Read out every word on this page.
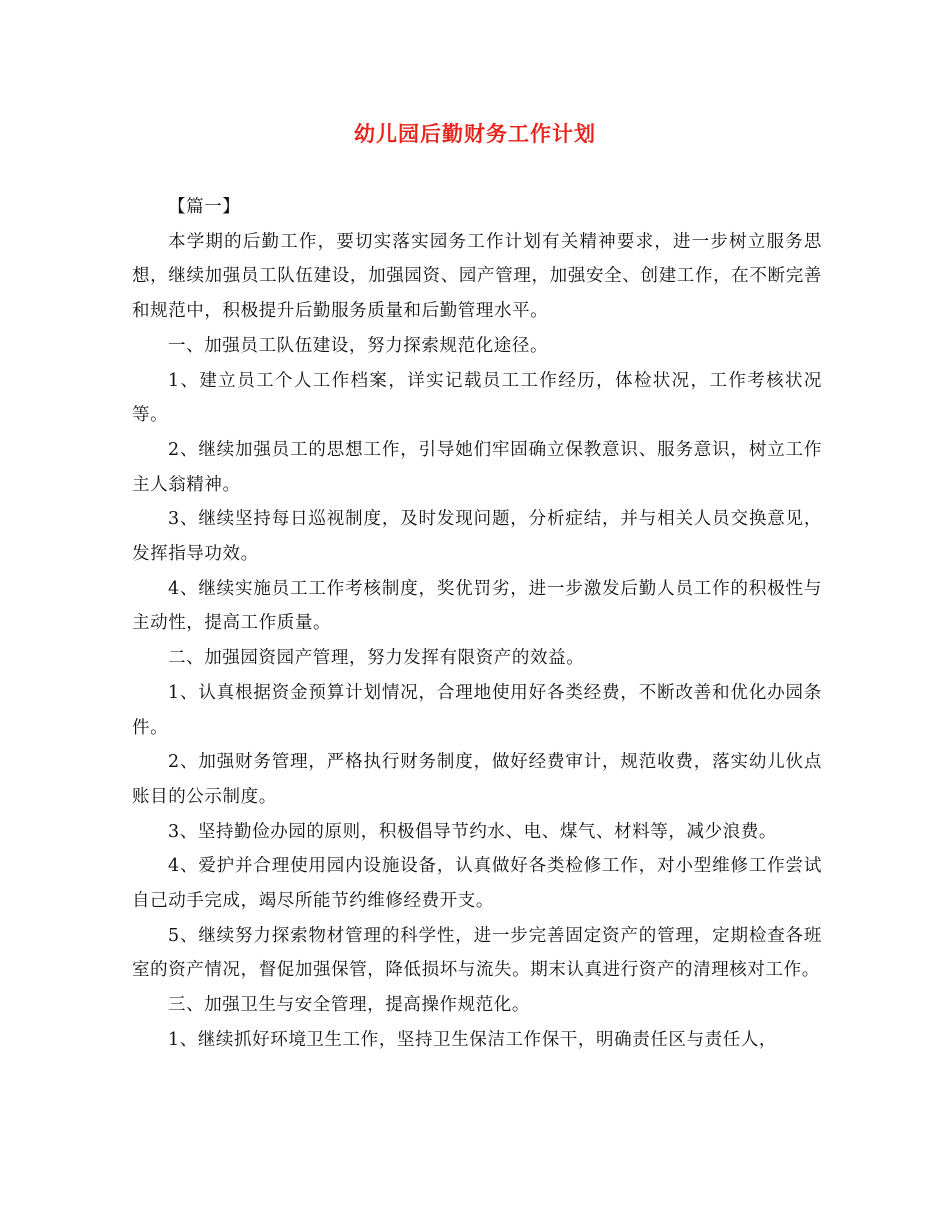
幼儿园后勤财务工作计划

【篇一】

本学期的后勤工作，要切实落实园务工作计划有关精神要求，进一步树立服务思想，继续加强员工队伍建设，加强园资、园产管理，加强安全、创建工作，在不断完善和规范中，积极提升后勤服务质量和后勤管理水平。

一、加强员工队伍建设，努力探索规范化途径。

1、建立员工个人工作档案，详实记载员工工作经历，体检状况，工作考核状况等。

2、继续加强员工的思想工作，引导她们牢固确立保教意识、服务意识，树立工作主人翁精神。

3、继续坚持每日巡视制度，及时发现问题，分析症结，并与相关人员交换意见，发挥指导功效。

4、继续实施员工工作考核制度，奖优罚劣，进一步激发后勤人员工作的积极性与主动性，提高工作质量。

二、加强园资园产管理，努力发挥有限资产的效益。

1、认真根据资金预算计划情况，合理地使用好各类经费，不断改善和优化办园条件。

2、加强财务管理，严格执行财务制度，做好经费审计，规范收费，落实幼儿伙点账目的公示制度。

3、坚持勤俭办园的原则，积极倡导节约水、电、煤气、材料等，减少浪费。

4、爱护并合理使用园内设施设备，认真做好各类检修工作，对小型维修工作尝试自己动手完成，竭尽所能节约维修经费开支。

5、继续努力探索物材管理的科学性，进一步完善固定资产的管理，定期检查各班室的资产情况，督促加强保管，降低损坏与流失。期末认真进行资产的清理核对工作。

三、加强卫生与安全管理，提高操作规范化。

1、继续抓好环境卫生工作，坚持卫生保洁工作保干，明确责任区与责任人，
